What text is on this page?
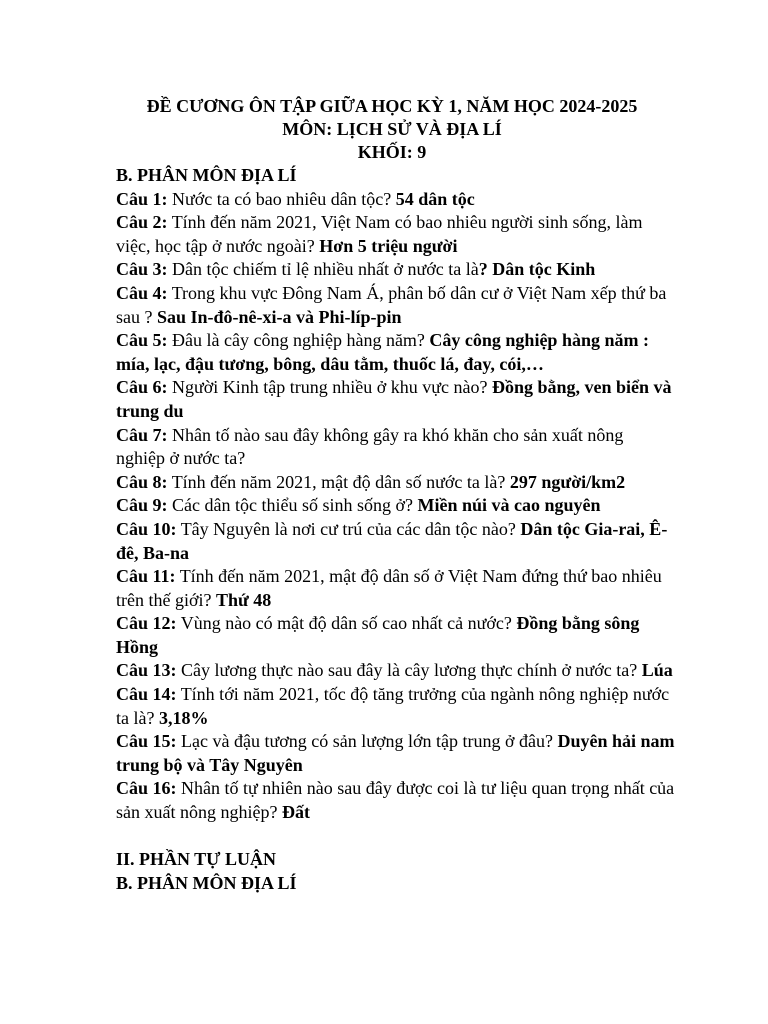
ĐỀ CƯƠNG ÔN TẬP GIỮA HỌC KỲ 1, NĂM HỌC 2024-2025
MÔN: LỊCH SỬ VÀ ĐỊA LÍ
KHỐI: 9
B. PHÂN MÔN ĐỊA LÍ

Câu 1: Nước ta có bao nhiêu dân tộc? 54 dân tộc

Câu 2: Tính đến năm 2021, Việt Nam có bao nhiêu người sinh sống, làm việc, học tập ở nước ngoài? Hơn 5 triệu người

Câu 3: Dân tộc chiếm tỉ lệ nhiều nhất ở nước ta là? Dân tộc Kinh

Câu 4: Trong khu vực Đông Nam Á, phân bố dân cư ở Việt Nam xếp thứ ba sau ? Sau In-đô-nê-xi-a và Phi-líp-pin

Câu 5: Đâu là cây công nghiệp hàng năm? Cây công nghiệp hàng năm : mía, lạc, đậu tương, bông, dâu tằm, thuốc lá, đay, cói,…

Câu 6: Người Kinh tập trung nhiều ở khu vực nào? Đồng bằng, ven biển và trung du

Câu 7: Nhân tố nào sau đây không gây ra khó khăn cho sản xuất nông nghiệp ở nước ta?

Câu 8: Tính đến năm 2021, mật độ dân số nước ta là? 297 người/km2

Câu 9: Các dân tộc thiểu số sinh sống ở? Miền núi và cao nguyên

Câu 10: Tây Nguyên là nơi cư trú của các dân tộc nào? Dân tộc Gia-rai, Ê-đê, Ba-na

Câu 11: Tính đến năm 2021, mật độ dân số ở Việt Nam đứng thứ bao nhiêu trên thế giới? Thứ 48

Câu 12: Vùng nào có mật độ dân số cao nhất cả nước? Đồng bằng sông Hồng

Câu 13: Cây lương thực nào sau đây là cây lương thực chính ở nước ta? Lúa

Câu 14: Tính tới năm 2021, tốc độ tăng trưởng của ngành nông nghiệp nước ta là? 3,18%

Câu 15: Lạc và đậu tương có sản lượng lớn tập trung ở đâu? Duyên hải nam trung bộ và Tây Nguyên

Câu 16: Nhân tố tự nhiên nào sau đây được coi là tư liệu quan trọng nhất của sản xuất nông nghiệp? Đất

II. PHẦN TỰ LUẬN
B. PHÂN MÔN ĐỊA LÍ
